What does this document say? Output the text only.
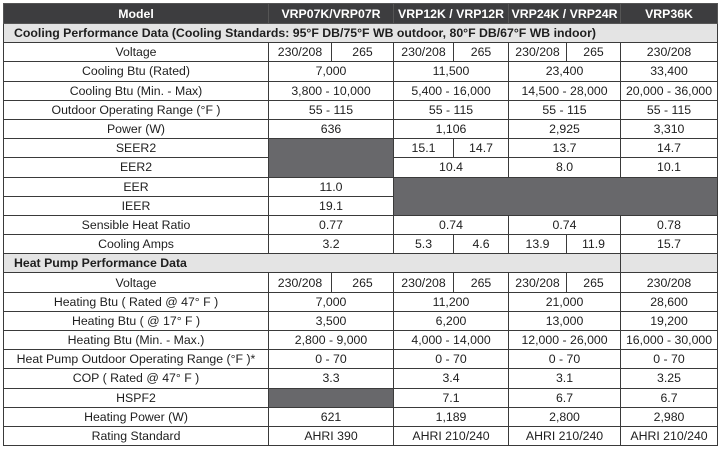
Model	VRP07K/VRP07R		VRP12K / VRP12R		VRP24K / VRP24R		VRP36K
Cooling Performance Data (Cooling Standards: 95°F DB/75°F WB outdoor, 80°F DB/67°F WB indoor)							
Voltage	230/208	265	230/208	265	230/208	265	230/208
Cooling Btu (Rated)	7,000		11,500		23,400		33,400
Cooling Btu (Min. - Max)	3,800 - 10,000		5,400 - 16,000		14,500 - 28,000		20,000 - 36,000
Outdoor Operating Range (°F )	55 - 115		55 - 115		55 - 115		55 - 115
Power (W)	636		1,106		2,925		3,310
SEER2			15.1	14.7	13.7		14.7
EER2			10.4		8.0		10.1
EER	11.0						
IEER	19.1						
Sensible Heat Ratio	0.77		0.74		0.74		0.78
Cooling Amps	3.2		5.3	4.6	13.9	11.9	15.7
Heat Pump Performance Data							
Voltage	230/208	265	230/208	265	230/208	265	230/208
Heating Btu ( Rated @ 47° F )	7,000		11,200		21,000		28,600
Heating Btu ( @ 17° F )	3,500		6,200		13,000		19,200
Heating Btu (Min. - Max.)	2,800 - 9,000		4,000 - 14,000		12,000 - 26,000		16,000 - 30,000
Heat Pump Outdoor Operating Range (°F )*	0 - 70		0 - 70		0 - 70		0 - 70
COP ( Rated @ 47° F )	3.3		3.4		3.1		3.25
HSPF2			7.1		6.7		6.7
Heating Power (W)	621		1,189		2,800		2,980
Rating Standard	AHRI 390		AHRI 210/240		AHRI 210/240		AHRI 210/240
